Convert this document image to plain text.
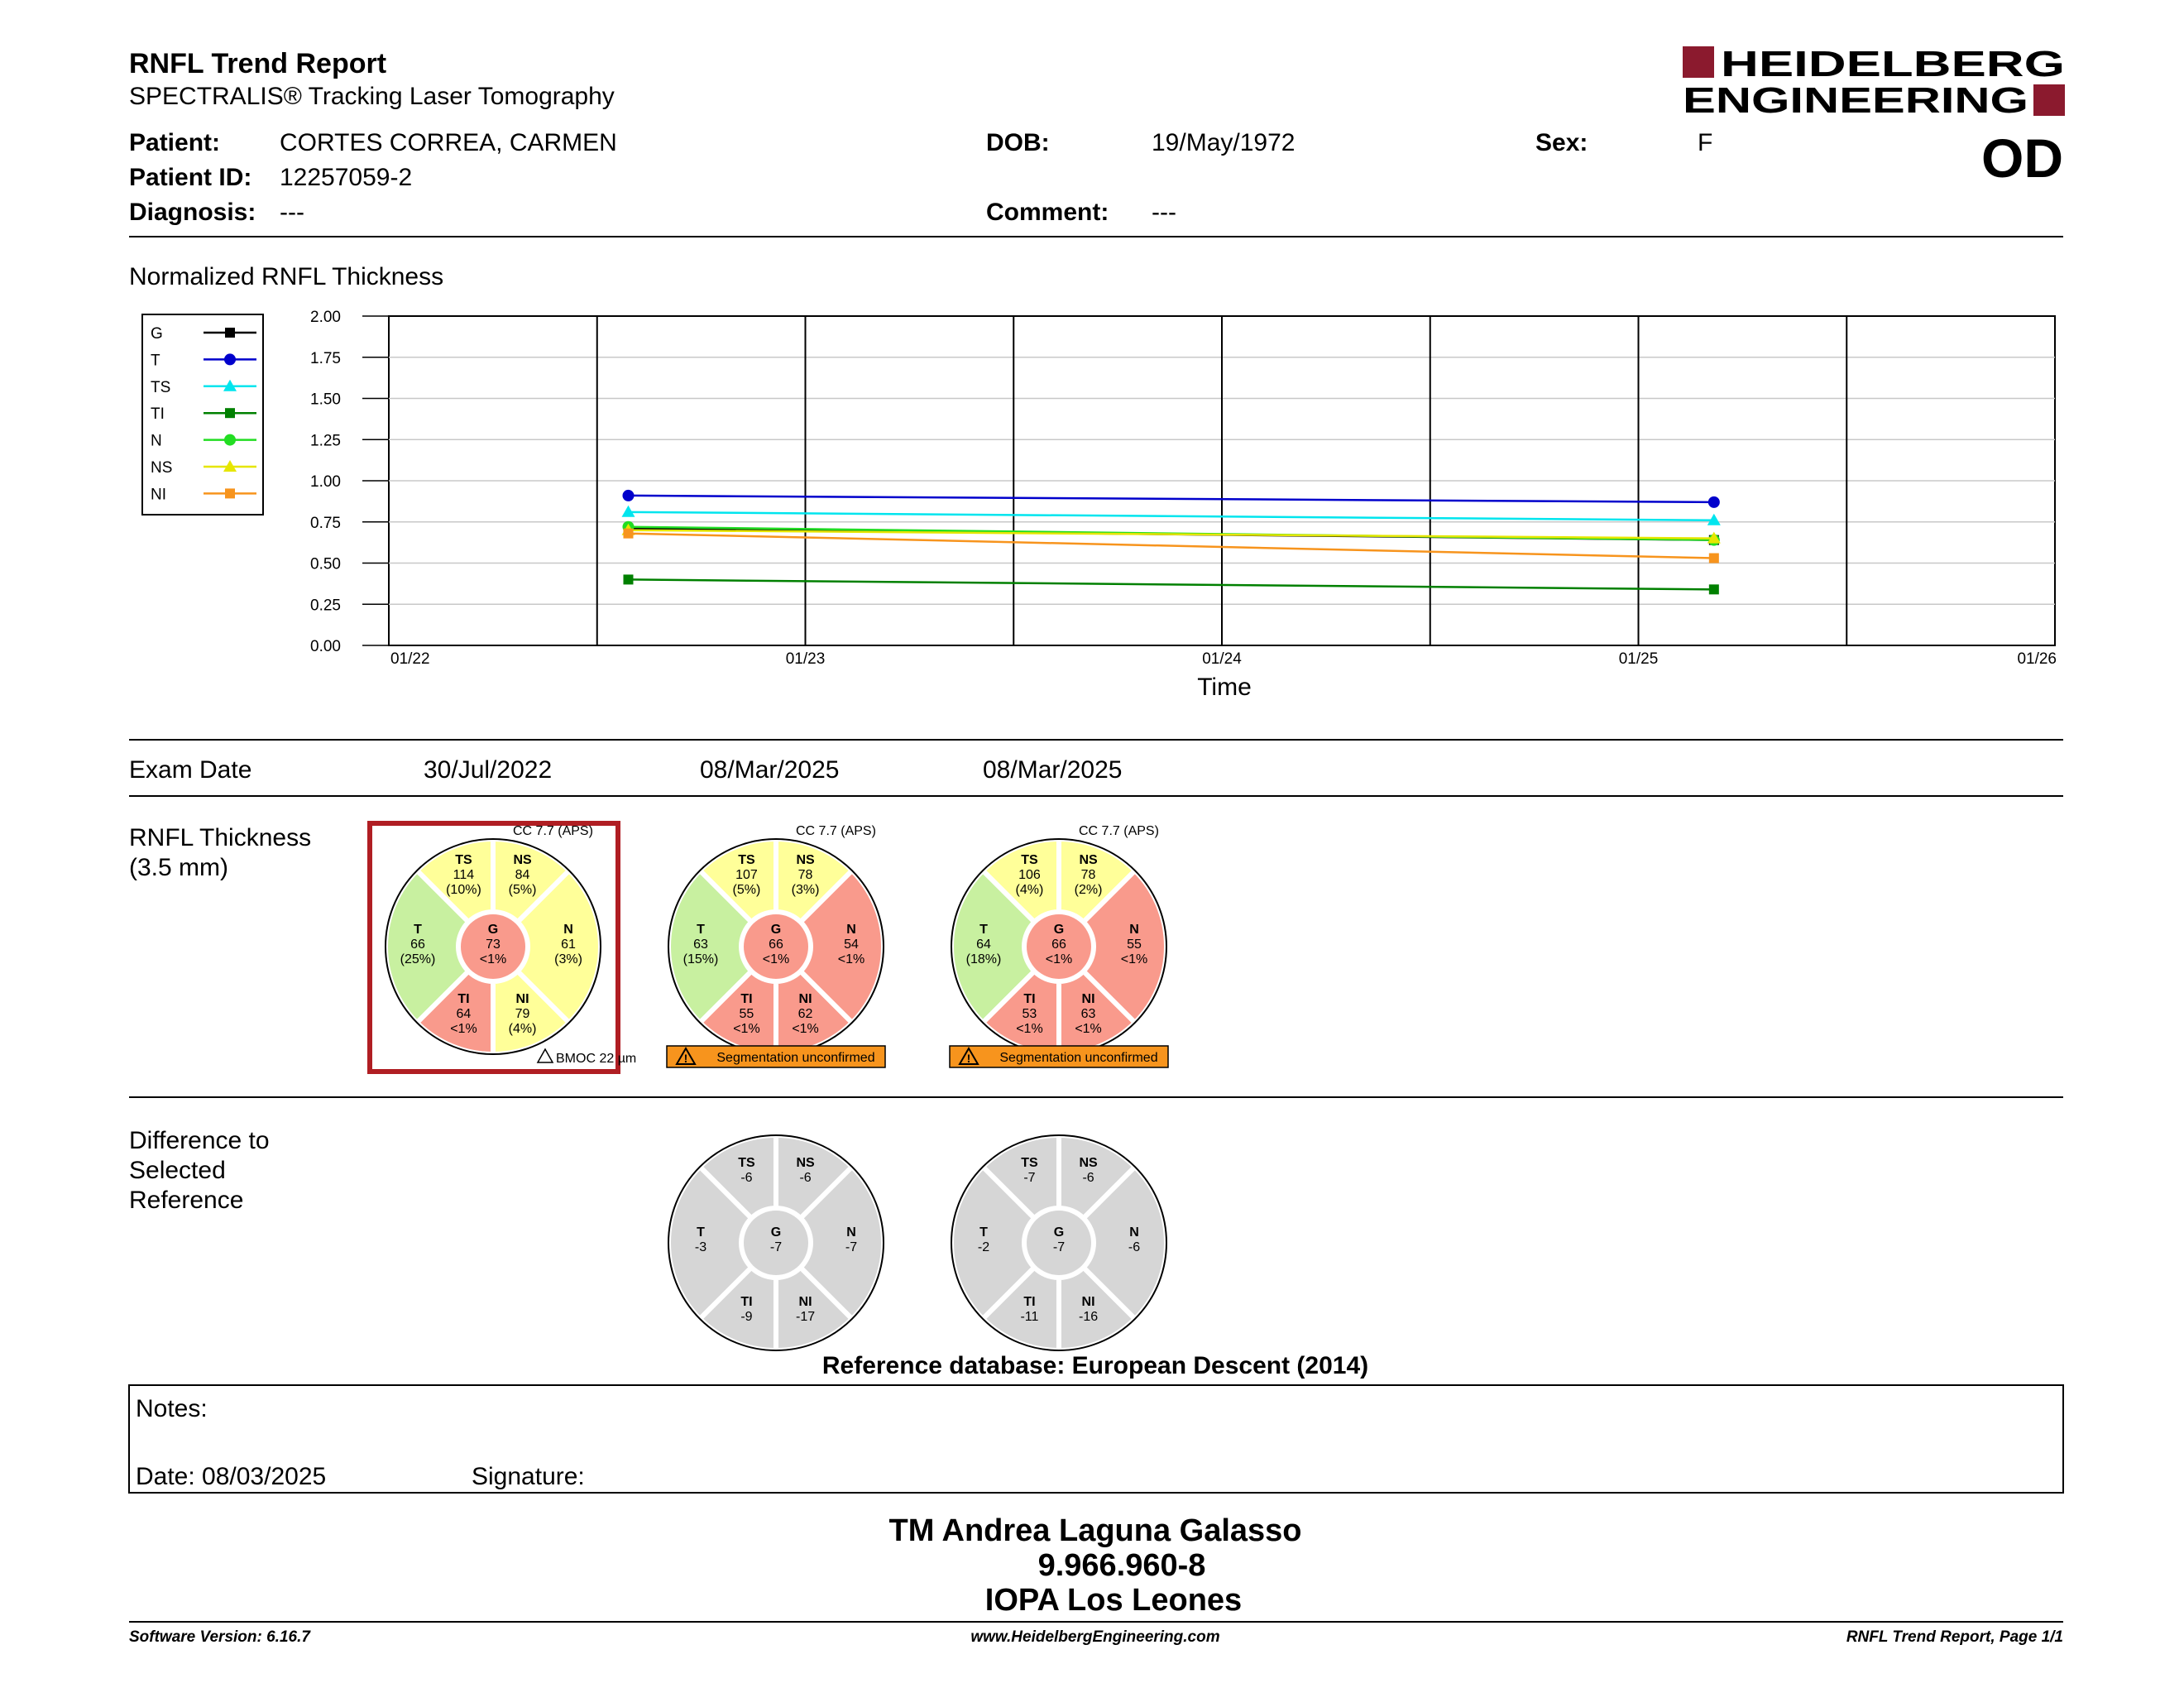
RNFL Trend Report
SPECTRALIS® Tracking Laser Tomography
HEIDELBERG
ENGINEERING
OD
Patient: CORTES CORREA, CARMEN
Patient ID: 12257059-2
Diagnosis: ---
DOB:	19/May/1972
Comment: ---
Sex:	F
Normalized RNFL Thickness
G
T
TS
TI
N
NS
NI
0.00
0.25
0.50
0.75
1.00
1.25
1.50
1.75
2.00
01/22	01/23	01/24	01/25	01/26
Time
Exam Date	30/Jul/2022	08/Mar/2025	08/Mar/2025
RNFL Thickness
(3.5 mm)
CC 7.7 (APS)
NS
84
(5%)
TS
114
(10%)
T
66
(25%)
TI
64
<1%
NI
79
(4%)
N
61
(3%)
G
73
<1%
BMOC 22 µm
CC 7.7 (APS)
NS
78
(3%)
TS
107
(5%)
T
63
(15%)
TI
55
<1%
NI
62
<1%
N
54
<1%
G
66
<1%
! Segmentation unconfirmed
CC 7.7 (APS)
NS
78
(2%)
TS
106
(4%)
T
64
(18%)
TI
53
<1%
NI
63
<1%
N
55
<1%
G
66
<1%
! Segmentation unconfirmed
Difference to
Selected
Reference
NS
-6
TS
-6
T
-3
TI
-9
NI
-17
N
-7
G
-7
NS
-6
TS
-7
T
-2
TI
-11
NI
-16
N
-6
G
-7
Reference database: European Descent (2014)
Notes:
Date: 08/03/2025	Signature:
TM Andrea Laguna Galasso
9.966.960-8
IOPA Los Leones
Software Version: 6.16.7	www.HeidelbergEngineering.com	RNFL Trend Report, Page 1/1
